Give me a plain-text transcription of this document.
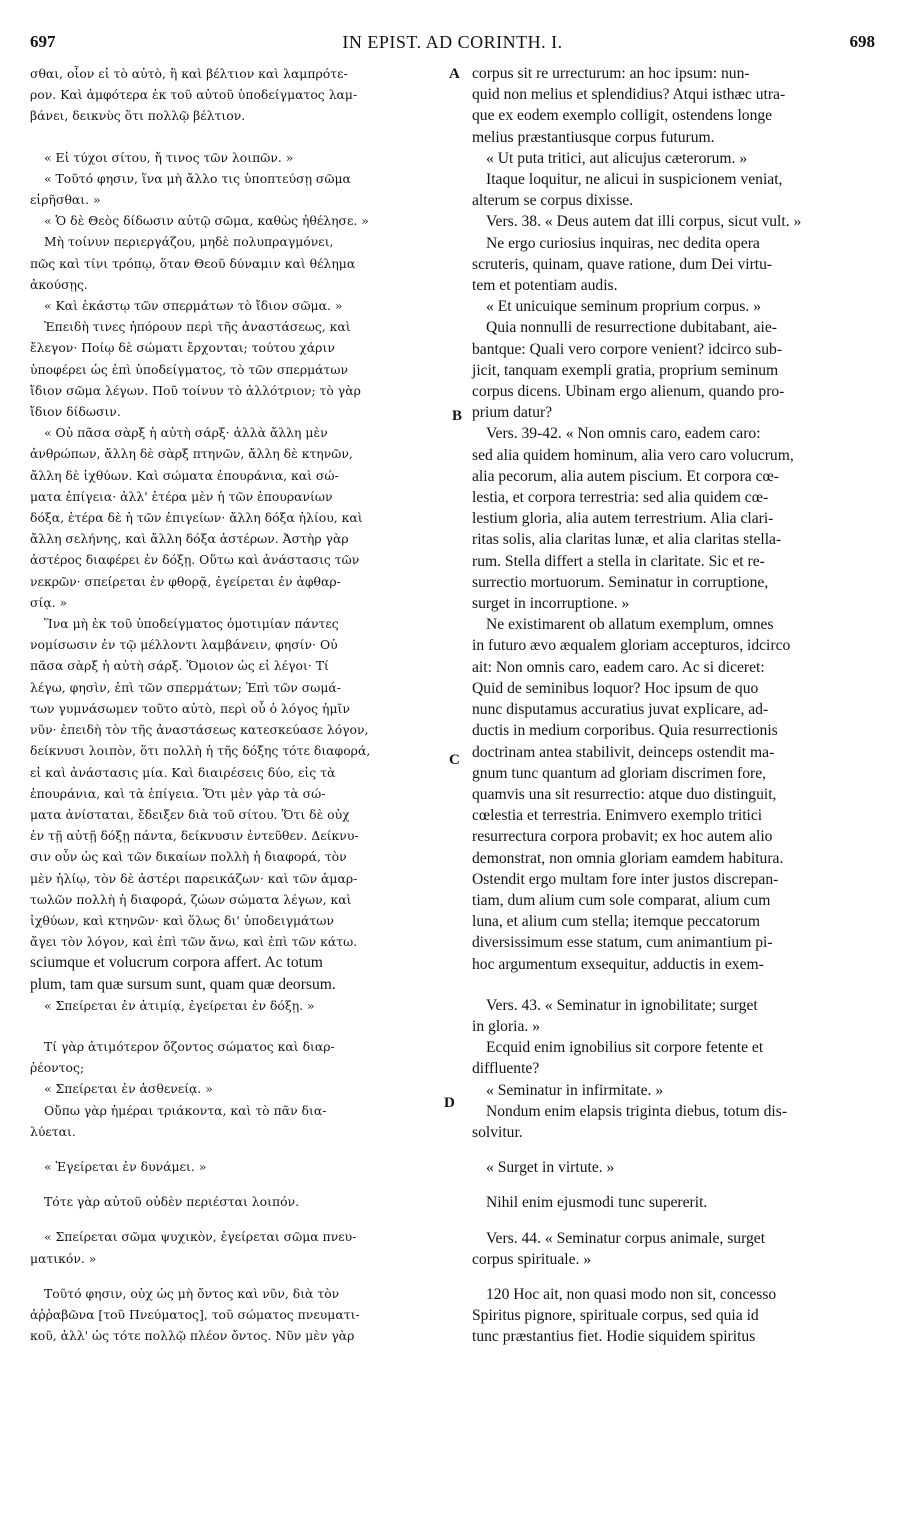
697	IN EPIST. AD CORINTH. I.	698
A
B
C
D
σθαι, οἷον εἰ τὸ αὐτὸ, ἢ καὶ βέλτιον καὶ λαμπρότε-
ρον. Καὶ ἀμφότερα ἐκ τοῦ αὐτοῦ ὑποδείγματος λαμ-
βάνει, δεικνὺς ὅτι πολλῷ βέλτιον.
« Εἰ τύχοι σίτου, ἤ τινος τῶν λοιπῶν. »
« Τοῦτό φησιν, ἵνα μὴ ἄλλο τις ὑποπτεύσῃ σῶμα
εἰρῆσθαι. »
« Ὁ δὲ Θεὸς δίδωσιν αὐτῷ σῶμα, καθὼς ἠθέλησε. »
Μὴ τοίνυν περιεργάζου, μηδὲ πολυπραγμόνει,
πῶς καὶ τίνι τρόπῳ, ὅταν Θεοῦ δύναμιν καὶ θέλημα
ἀκούσῃς.
« Καὶ ἑκάστῳ τῶν σπερμάτων τὸ ἴδιον σῶμα. »
Ἐπειδὴ τινες ἠπόρουν περὶ τῆς ἀναστάσεως, καὶ
ἔλεγον· Ποίῳ δὲ σώματι ἔρχονται; τούτου χάριν
ὑποφέρει ὡς ἐπὶ ὑποδείγματος, τὸ τῶν σπερμάτων
ἴδιον σῶμα λέγων. Ποῦ τοίνυν τὸ ἀλλότριον; τὸ γὰρ
ἴδιον δίδωσιν.
« Οὐ πᾶσα σὰρξ ἡ αὐτὴ σάρξ· ἀλλὰ ἄλλη μὲν
ἀνθρώπων, ἄλλη δὲ σὰρξ πτηνῶν, ἄλλη δὲ κτηνῶν,
ἄλλη δὲ ἰχθύων. Καὶ σώματα ἐπουράνια, καὶ σώ-
ματα ἐπίγεια· ἀλλ' ἑτέρα μὲν ἡ τῶν ἐπουρανίων
δόξα, ἑτέρα δὲ ἡ τῶν ἐπιγείων· ἄλλη δόξα ἡλίου, καὶ
ἄλλη σελήνης, καὶ ἄλλη δόξα ἀστέρων. Ἀστὴρ γὰρ
ἀστέρος διαφέρει ἐν δόξῃ. Οὕτω καὶ ἀνάστασις τῶν
νεκρῶν· σπείρεται ἐν φθορᾷ, ἐγείρεται ἐν ἀφθαρ-
σίᾳ. »
Ἵνα μὴ ἐκ τοῦ ὑποδείγματος ὁμοτιμίαν πάντες
νομίσωσιν ἐν τῷ μέλλοντι λαμβάνειν, φησίν· Οὐ
πᾶσα σὰρξ ἡ αὐτὴ σάρξ. Ὅμοιον ὡς εἰ λέγοι· Τί
λέγω, φησὶν, ἐπὶ τῶν σπερμάτων; Ἐπὶ τῶν σωμά-
των γυμνάσωμεν τοῦτο αὐτὸ, περὶ οὗ ὁ λόγος ἡμῖν
νῦν· ἐπειδὴ τὸν τῆς ἀναστάσεως κατεσκεύασε λόγον,
δείκνυσι λοιπὸν, ὅτι πολλὴ ἡ τῆς δόξης τότε διαφορά,
εἰ καὶ ἀνάστασις μία. Καὶ διαιρέσεις δύο, εἰς τὰ
ἐπουράνια, καὶ τὰ ἐπίγεια. Ὅτι μὲν γὰρ τὰ σώ-
ματα ἀνίσταται, ἔδειξεν διὰ τοῦ σίτου. Ὅτι δὲ οὐχ
ἐν τῇ αὐτῇ δόξῃ πάντα, δείκνυσιν ἐντεῦθεν. Δείκνυ-
σιν οὖν ὡς καὶ τῶν δικαίων πολλὴ ἡ διαφορά, τὸν
μὲν ἡλίῳ, τὸν δὲ ἀστέρι παρεικάζων· καὶ τῶν ἁμαρ-
τωλῶν πολλὴ ἡ διαφορά, ζώων σώματα λέγων, καὶ
ἰχθύων, καὶ κτηνῶν· καὶ ὅλως δι' ὑποδειγμάτων
ἄγει τὸν λόγον, καὶ ἐπὶ τῶν ἄνω, καὶ ἐπὶ τῶν κάτω.
sciumque et volucrum corpora affert. Ac totum
plum, tam quæ sursum sunt, quam quæ deorsum.
« Σπείρεται ἐν ἀτιμίᾳ, ἐγείρεται ἐν δόξῃ. »
Τί γὰρ ἀτιμότερον ὄζοντος σώματος καὶ διαρ-
ῥέοντος;
« Σπείρεται ἐν ἀσθενείᾳ. »
Οὔπω γὰρ ἡμέραι τριάκοντα, καὶ τὸ πᾶν δια-
λύεται.
« Ἐγείρεται ἐν δυνάμει. »
Τότε γὰρ αὐτοῦ οὐδὲν περιέσται λοιπόν.
« Σπείρεται σῶμα ψυχικὸν, ἐγείρεται σῶμα πνευ-
ματικόν. »
Τοῦτό φησιν, οὐχ ὡς μὴ ὄντος καὶ νῦν, διὰ τὸν
ἀῤῥαβῶνα [τοῦ Πνεύματος], τοῦ σώματος πνευματι-
κοῦ, ἀλλ' ὡς τότε πολλῷ πλέον ὄντος. Νῦν μὲν γὰρ
corpus sit re urrecturum: an hoc ipsum: nun-
quid non melius et splendidius? Atqui isthæc utra-
que ex eodem exemplo colligit, ostendens longe
melius præstantiusque corpus futurum.
« Ut puta tritici, aut alicujus cæterorum. »
Itaque loquitur, ne alicui in suspicionem veniat,
alterum se corpus dixisse.
Vers. 38. « Deus autem dat illi corpus, sicut vult. »
Ne ergo curiosius inquiras, nec dedita opera
scruteris, quinam, quave ratione, dum Dei virtu-
tem et potentiam audis.
« Et unicuique seminum proprium corpus. »
Quia nonnulli de resurrectione dubitabant, aie-
bantque: Quali vero corpore venient? idcirco sub-
jicit, tanquam exempli gratia, proprium seminum
corpus dicens. Ubinam ergo alienum, quando pro-
prium datur?
Vers. 39-42. « Non omnis caro, eadem caro:
sed alia quidem hominum, alia vero caro volucrum,
alia pecorum, alia autem piscium. Et corpora cœ-
lestia, et corpora terrestria: sed alia quidem cœ-
lestium gloria, alia autem terrestrium. Alia clari-
ritas solis, alia claritas lunæ, et alia claritas stella-
rum. Stella differt a stella in claritate. Sic et re-
surrectio mortuorum. Seminatur in corruptione,
surget in incorruptione. »
Ne existimarent ob allatum exemplum, omnes
in futuro ævo æqualem gloriam accepturos, idcirco
ait: Non omnis caro, eadem caro. Ac si diceret:
Quid de seminibus loquor? Hoc ipsum de quo
nunc disputamus accuratius juvat explicare, ad-
ductis in medium corporibus. Quia resurrectionis
doctrinam antea stabilivit, deinceps ostendit ma-
gnum tunc quantum ad gloriam discrimen fore,
quamvis una sit resurrectio: atque duo distinguit,
cœlestia et terrestria. Enimvero exemplo tritici
resurrectura corpora probavit; ex hoc autem alio
demonstrat, non omnia gloriam eamdem habitura.
Ostendit ergo multam fore inter justos discrepan-
tiam, dum alium cum sole comparat, alium cum
luna, et alium cum stella; itemque peccatorum
diversissimum esse statum, cum animantium pi-
hoc argumentum exsequitur, adductis in exem-
Vers. 43. « Seminatur in ignobilitate; surget
in gloria. »
Ecquid enim ignobilius sit corpore fetente et
diffluente?
« Seminatur in infirmitate. »
Nondum enim elapsis triginta diebus, totum dis-
solvitur.
« Surget in virtute. »
Nihil enim ejusmodi tunc supererit.
Vers. 44. « Seminatur corpus animale, surget
corpus spirituale. »
120 Hoc ait, non quasi modo non sit, concesso
Spiritus pignore, spirituale corpus, sed quia id
tunc præstantius fiet. Hodie siquidem spiritus
